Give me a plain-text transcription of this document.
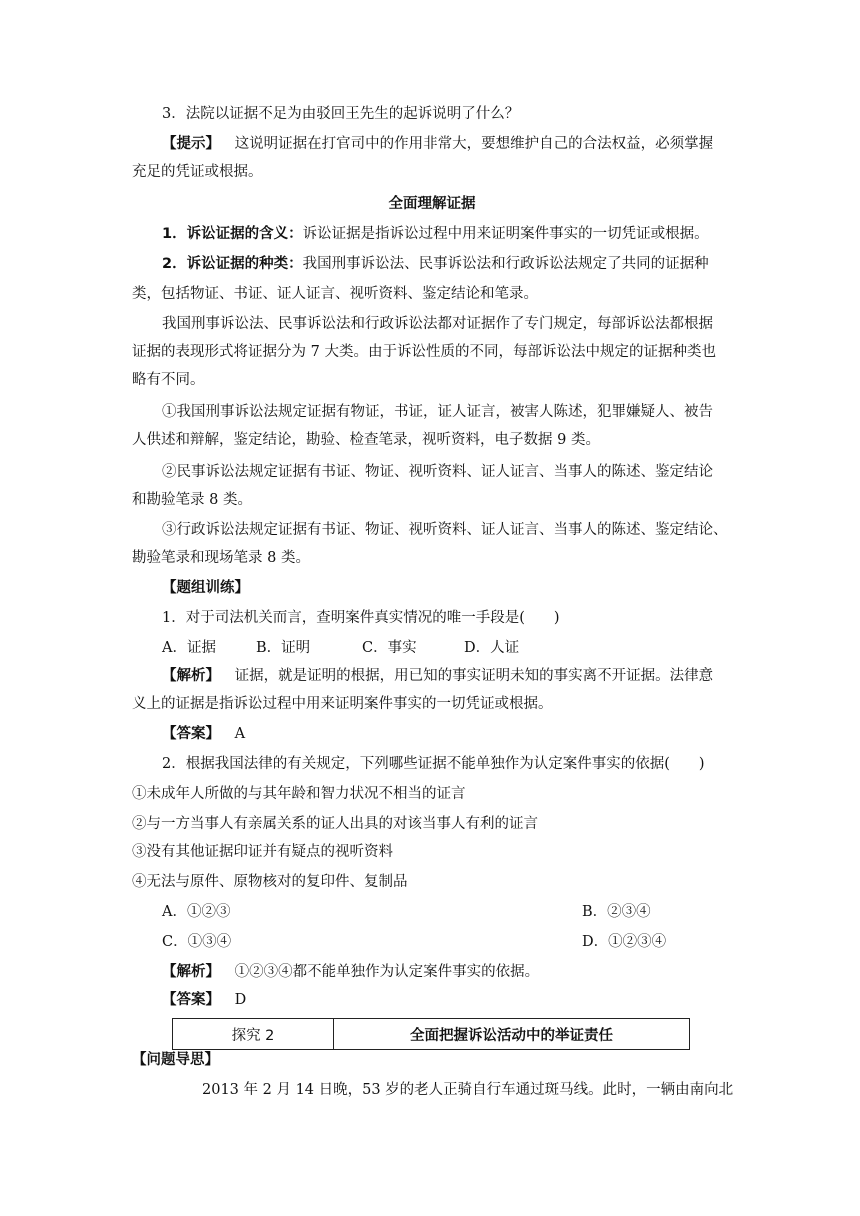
3．法院以证据不足为由驳回王先生的起诉说明了什么？
【提示】 这说明证据在打官司中的作用非常大，要想维护自己的合法权益，必须掌握
充足的凭证或根据。
全面理解证据
1．诉讼证据的含义：诉讼证据是指诉讼过程中用来证明案件事实的一切凭证或根据。
2．诉讼证据的种类：我国刑事诉讼法、民事诉讼法和行政诉讼法规定了共同的证据种
类，包括物证、书证、证人证言、视听资料、鉴定结论和笔录。
我国刑事诉讼法、民事诉讼法和行政诉讼法都对证据作了专门规定，每部诉讼法都根据
证据的表现形式将证据分为 7 大类。由于诉讼性质的不同，每部诉讼法中规定的证据种类也
略有不同。
①我国刑事诉讼法规定证据有物证，书证，证人证言，被害人陈述，犯罪嫌疑人、被告
人供述和辩解，鉴定结论，勘验、检查笔录，视听资料，电子数据 9 类。
②民事诉讼法规定证据有书证、物证、视听资料、证人证言、当事人的陈述、鉴定结论
和勘验笔录 8 类。
③行政诉讼法规定证据有书证、物证、视听资料、证人证言、当事人的陈述、鉴定结论、
勘验笔录和现场笔录 8 类。
【题组训练】
1．对于司法机关而言，查明案件真实情况的唯一手段是(　　)
A．证据	B．证明	C．事实	D．人证
【解析】 证据，就是证明的根据，用已知的事实证明未知的事实离不开证据。法律意
义上的证据是指诉讼过程中用来证明案件事实的一切凭证或根据。
【答案】 A
2．根据我国法律的有关规定，下列哪些证据不能单独作为认定案件事实的依据(　　)
①未成年人所做的与其年龄和智力状况不相当的证言
②与一方当事人有亲属关系的证人出具的对该当事人有利的证言
③没有其他证据印证并有疑点的视听资料
④无法与原件、原物核对的复印件、复制品
A．①②③	B．②③④
C．①③④	D．①②③④
【解析】 ①②③④都不能单独作为认定案件事实的依据。
【答案】 D
探究 2	全面把握诉讼活动中的举证责任
【问题导思】
2013 年 2 月 14 日晚，53 岁的老人正骑自行车通过斑马线。此时，一辆由南向北
